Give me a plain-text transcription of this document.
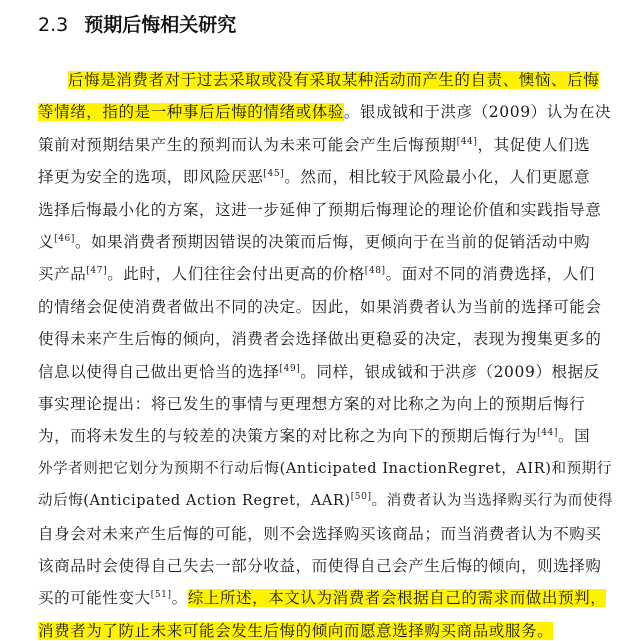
2.3 预期后悔相关研究
后悔是消费者对于过去采取或没有采取某种活动而产生的自责、懊恼、后悔
等情绪，指的是一种事后后悔的情绪或体验。银成钺和于洪彦（2009）认为在决
策前对预期结果产生的预判而认为未来可能会产生后悔预期[44]，其促使人们选
择更为安全的选项，即风险厌恶[45]。然而，相比较于风险最小化，人们更愿意
选择后悔最小化的方案，这进一步延伸了预期后悔理论的理论价值和实践指导意
义[46]。如果消费者预期因错误的决策而后悔，更倾向于在当前的促销活动中购
买产品[47]。此时，人们往往会付出更高的价格[48]。面对不同的消费选择，人们
的情绪会促使消费者做出不同的决定。因此，如果消费者认为当前的选择可能会
使得未来产生后悔的倾向，消费者会选择做出更稳妥的决定，表现为搜集更多的
信息以使得自己做出更恰当的选择[49]。同样，银成钺和于洪彦（2009）根据反
事实理论提出：将已发生的事情与更理想方案的对比称之为向上的预期后悔行
为，而将未发生的与较差的决策方案的对比称之为向下的预期后悔行为[44]。国
外学者则把它划分为预期不行动后悔(Anticipated InactionRegret，AIR)和预期行
动后悔(Anticipated Action Regret，AAR)[50]。消费者认为当选择购买行为而使得
自身会对未来产生后悔的可能，则不会选择购买该商品；而当消费者认为不购买
该商品时会使得自己失去一部分收益，而使得自己会产生后悔的倾向，则选择购
买的可能性变大[51]。综上所述，本文认为消费者会根据自己的需求而做出预判，
消费者为了防止未来可能会发生后悔的倾向而愿意选择购买商品或服务。
